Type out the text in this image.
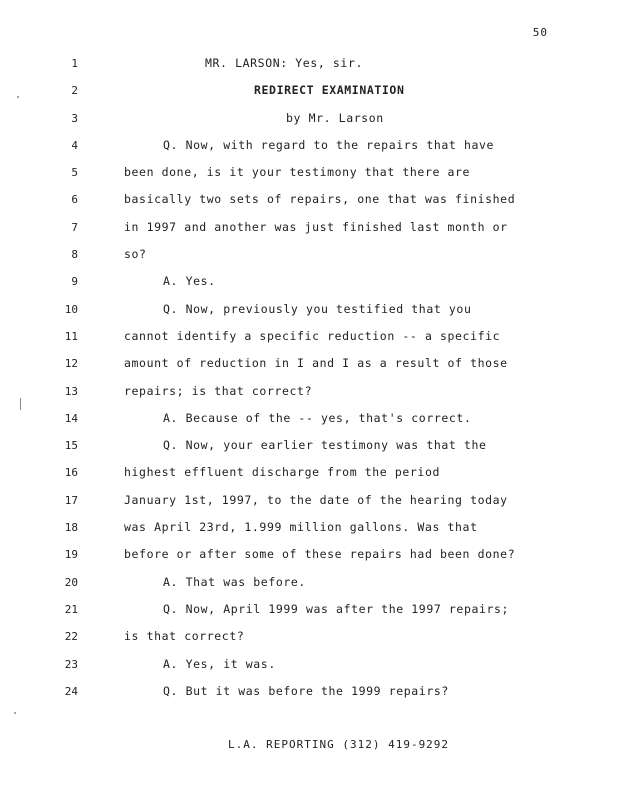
50
1	MR. LARSON: Yes, sir.
2	REDIRECT EXAMINATION
3	by Mr. Larson
4	Q. Now, with regard to the repairs that have
5	been done, is it your testimony that there are
6	basically two sets of repairs, one that was finished
7	in 1997 and another was just finished last month or
8	so?
9	A. Yes.
10	Q. Now, previously you testified that you
11	cannot identify a specific reduction -- a specific
12	amount of reduction in I and I as a result of those
13	repairs; is that correct?
14	A. Because of the -- yes, that's correct.
15	Q. Now, your earlier testimony was that the
16	highest effluent discharge from the period
17	January 1st, 1997, to the date of the hearing today
18	was April 23rd, 1.999 million gallons. Was that
19	before or after some of these repairs had been done?
20	A. That was before.
21	Q. Now, April 1999 was after the 1997 repairs;
22	is that correct?
23	A. Yes, it was.
24	Q. But it was before the 1999 repairs?
L.A. REPORTING (312) 419-9292
